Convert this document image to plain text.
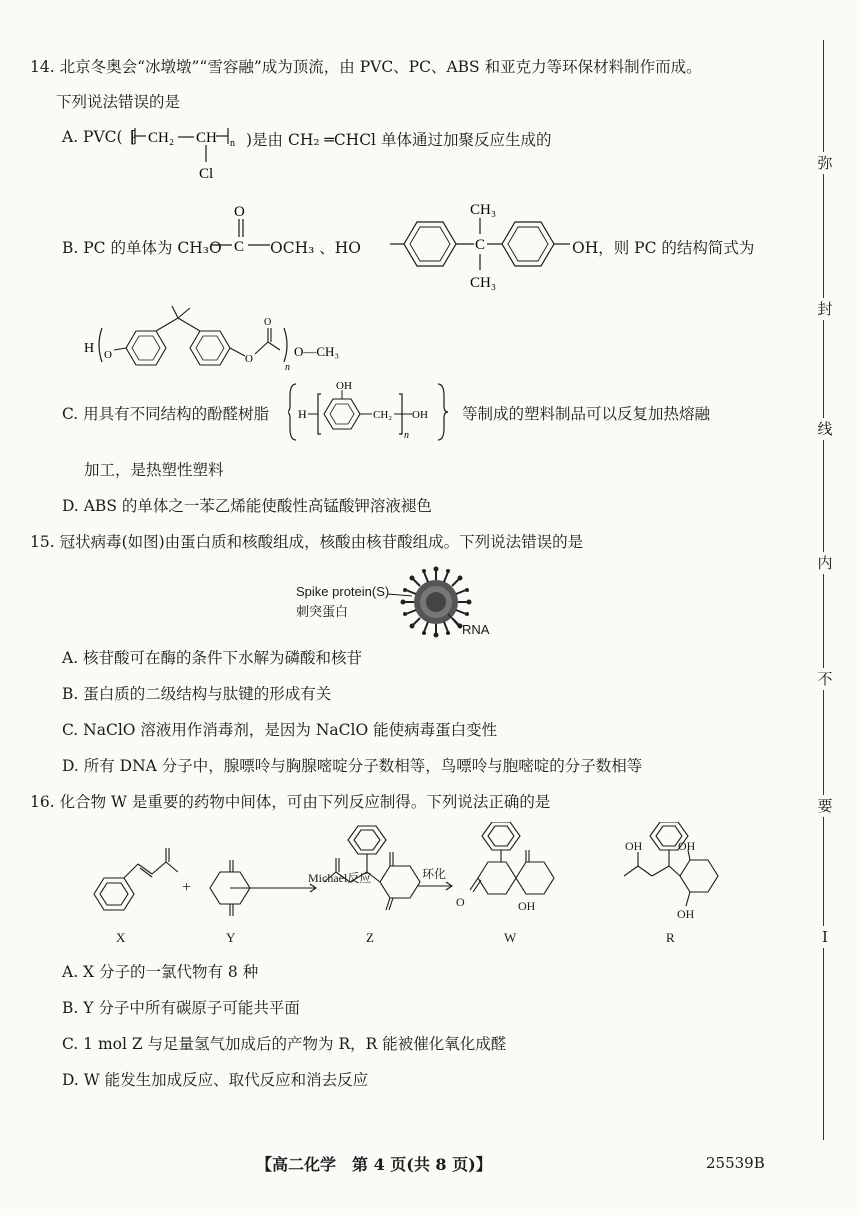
弥
封
线
内
不
要
I
14. 北京冬奥会“冰墩墩”“雪容融”成为顶流，由 PVC、PC、ABS 和亚克力等环保材料制作而成。
下列说法错误的是
A. PVC( ⁅ CH₂ CH n
Cl
)是由 CH₂ ═CHCl 单体通过加聚反应生成的
B. PC 的单体为 CH₃O C
O
OCH₃ 、HO	C
CH₃
CH₃
OH，则 PC 的结构简式为
H O	O
O
n
O—CH₃
C. 用具有不同结构的酚醛树脂 H
OH
CH₂
n
OH 等制成的塑料制品可以反复加热熔融
加工，是热塑性塑料
D. ABS 的单体之一苯乙烯能使酸性高锰酸钾溶液褪色
15. 冠状病毒(如图)由蛋白质和核酸组成，核酸由核苷酸组成。下列说法错误的是
Spike protein(S)
刺突蛋白
RNA
A. 核苷酸可在酶的条件下水解为磷酸和核苷
B. 蛋白质的二级结构与肽键的形成有关
C. NaClO 溶液用作消毒剂，是因为 NaClO 能使病毒蛋白变性
D. 所有 DNA 分子中，腺嘌呤与胸腺嘧啶分子数相等，鸟嘌呤与胞嘧啶的分子数相等
16. 化合物 W 是重要的药物中间体，可由下列反应制得。下列说法正确的是
Michael反应	环化
+
O	OH
OH	OH
OH
X	Y	Z	W	R
A. X 分子的一氯代物有 8 种
B. Y 分子中所有碳原子可能共平面
C. 1 mol Z 与足量氢气加成后的产物为 R，R 能被催化氧化成醛
D. W 能发生加成反应、取代反应和消去反应
【高二化学　第 4 页(共 8 页)】	25539B
